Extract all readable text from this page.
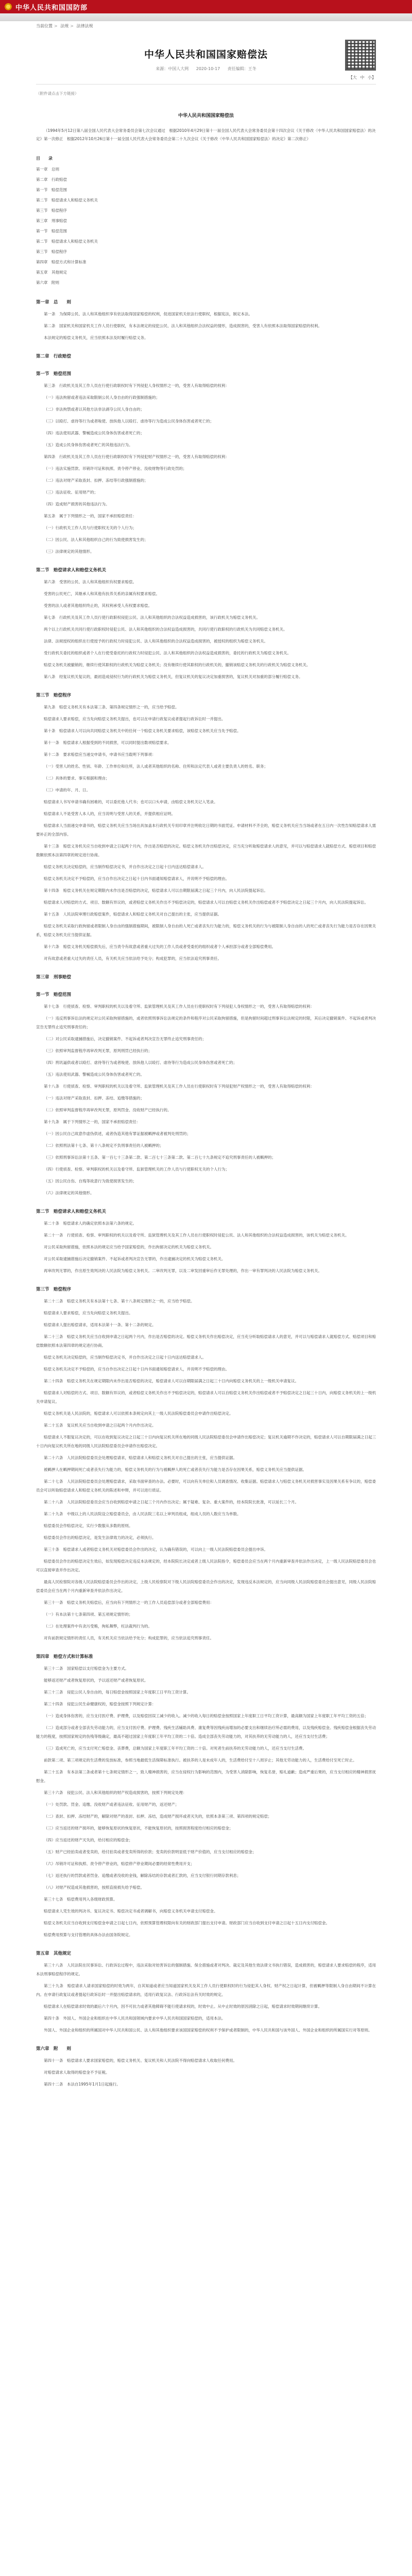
中华人民共和国国防部
当前位置 > 法规 > 法律法规
中华人民共和国国家赔偿法
来源：中国人大网 2020-10-17 责任编辑：王冬
【大 中 小】
（附件请点击下方链接）
中华人民共和国国家赔偿法

（1994年5月12日第八届全国人民代表大会常务委员会第七次会议通过　根据2010年4月29日第十一届全国人民代表大会常务委员会第十四次会议《关于修改〈中华人民共和国国家赔偿法〉的决定》第一次修正　根据2012年10月26日第十一届全国人民代表大会常务委员会第二十九次会议《关于修改〈中华人民共和国国家赔偿法〉的决定》第二次修正）

目　　录
第一章　总则
第二章　行政赔偿
第一节　赔偿范围
第二节　赔偿请求人和赔偿义务机关
第三节　赔偿程序
第三章　刑事赔偿
第一节　赔偿范围
第二节　赔偿请求人和赔偿义务机关
第三节　赔偿程序
第四章　赔偿方式和计算标准
第五章　其他规定
第六章　附则
第一章　总　　则

第一条　为保障公民、法人和其他组织享有依法取得国家赔偿的权利，促进国家机关依法行使职权，根据宪法，制定本法。

第二条　国家机关和国家机关工作人员行使职权，有本法规定的侵犯公民、法人和其他组织合法权益的情形，造成损害的，受害人有依照本法取得国家赔偿的权利。

本法规定的赔偿义务机关，应当依照本法及时履行赔偿义务。

第二章　行政赔偿
第一节　赔偿范围

第三条　行政机关及其工作人员在行使行政职权时有下列侵犯人身权情形之一的，受害人有取得赔偿的权利：

（一）违法拘留或者违法采取限制公民人身自由的行政强制措施的；

（二）非法拘禁或者以其他方法非法剥夺公民人身自由的；

（三）以殴打、虐待等行为或者唆使、放纵他人以殴打、虐待等行为造成公民身体伤害或者死亡的；

（四）违法使用武器、警械造成公民身体伤害或者死亡的；

（五）造成公民身体伤害或者死亡的其他违法行为。

第四条　行政机关及其工作人员在行使行政职权时有下列侵犯财产权情形之一的，受害人有取得赔偿的权利：

（一）违法实施罚款、吊销许可证和执照、责令停产停业、没收财物等行政处罚的；

（二）违法对财产采取查封、扣押、冻结等行政强制措施的；

（三）违法征收、征用财产的；

（四）造成财产损害的其他违法行为。

第五条　属于下列情形之一的，国家不承担赔偿责任：

（一）行政机关工作人员与行使职权无关的个人行为；

（二）因公民、法人和其他组织自己的行为致使损害发生的；

（三）法律规定的其他情形。

第二节　赔偿请求人和赔偿义务机关

第六条　受害的公民、法人和其他组织有权要求赔偿。

受害的公民死亡，其继承人和其他有扶养关系的亲属有权要求赔偿。

受害的法人或者其他组织终止的，其权利承受人有权要求赔偿。

第七条　行政机关及其工作人员行使行政职权侵犯公民、法人和其他组织的合法权益造成损害的，该行政机关为赔偿义务机关。

两个以上行政机关共同行使行政职权时侵犯公民、法人和其他组织的合法权益造成损害的，共同行使行政职权的行政机关为共同赔偿义务机关。

法律、法规授权的组织在行使授予的行政权力时侵犯公民、法人和其他组织的合法权益造成损害的，被授权的组织为赔偿义务机关。

受行政机关委托的组织或者个人在行使受委托的行政权力时侵犯公民、法人和其他组织的合法权益造成损害的，委托的行政机关为赔偿义务机关。

赔偿义务机关被撤销的，继续行使其职权的行政机关为赔偿义务机关；没有继续行使其职权的行政机关的，撤销该赔偿义务机关的行政机关为赔偿义务机关。

第八条　经复议机关复议的，最初造成侵权行为的行政机关为赔偿义务机关，但复议机关的复议决定加重损害的，复议机关对加重的部分履行赔偿义务。

第三节　赔偿程序

第九条　赔偿义务机关有本法第三条、第四条规定情形之一的，应当给予赔偿。

赔偿请求人要求赔偿，应当先向赔偿义务机关提出，也可以在申请行政复议或者提起行政诉讼时一并提出。

第十条　赔偿请求人可以向共同赔偿义务机关中的任何一个赔偿义务机关要求赔偿，该赔偿义务机关应当先予赔偿。

第十一条　赔偿请求人根据受到的不同损害，可以同时提出数项赔偿要求。

第十二条　要求赔偿应当递交申请书，申请书应当载明下列事项：

（一）受害人的姓名、性别、年龄、工作单位和住所，法人或者其他组织的名称、住所和法定代表人或者主要负责人的姓名、职务；

（二）具体的要求、事实根据和理由；

（三）申请的年、月、日。

赔偿请求人书写申请书确有困难的，可以委托他人代书；也可以口头申请，由赔偿义务机关记入笔录。

赔偿请求人不是受害人本人的，应当说明与受害人的关系，并提供相应证明。

赔偿请求人当面递交申请书的，赔偿义务机关应当当场出具加盖本行政机关专用印章并注明收讫日期的书面凭证。申请材料不齐全的，赔偿义务机关应当当场或者在五日内一次性告知赔偿请求人需要补正的全部内容。

第十三条　赔偿义务机关应当自收到申请之日起两个月内，作出是否赔偿的决定。赔偿义务机关作出赔偿决定，应当充分听取赔偿请求人的意见，并可以与赔偿请求人就赔偿方式、赔偿项目和赔偿数额依照本法第四章的规定进行协商。

赔偿义务机关决定赔偿的，应当制作赔偿决定书，并自作出决定之日起十日内送达赔偿请求人。

赔偿义务机关决定不予赔偿的，应当自作出决定之日起十日内书面通知赔偿请求人，并说明不予赔偿的理由。

第十四条　赔偿义务机关在规定期限内未作出是否赔偿的决定，赔偿请求人可以自期限届满之日起三个月内，向人民法院提起诉讼。

赔偿请求人对赔偿的方式、项目、数额有异议的，或者赔偿义务机关作出不予赔偿决定的，赔偿请求人可以自赔偿义务机关作出赔偿或者不予赔偿决定之日起三个月内，向人民法院提起诉讼。

第十五条　人民法院审理行政赔偿案件，赔偿请求人和赔偿义务机关对自己提出的主张，应当提供证据。

赔偿义务机关采取行政拘留或者限制人身自由的强制措施期间，被限制人身自由的人死亡或者丧失行为能力的，赔偿义务机关的行为与被限制人身自由的人的死亡或者丧失行为能力是否存在因果关系，赔偿义务机关应当提供证据。

第十六条　赔偿义务机关赔偿损失后，应当责令有故意或者重大过失的工作人员或者受委托的组织或者个人承担部分或者全部赔偿费用。

对有故意或者重大过失的责任人员，有关机关应当依法给予处分；构成犯罪的，应当依法追究刑事责任。

第三章　刑事赔偿
第一节　赔偿范围

第十七条　行使侦查、检察、审判职权的机关以及看守所、监狱管理机关及其工作人员在行使职权时有下列侵犯人身权情形之一的，受害人有取得赔偿的权利：

（一）违反刑事诉讼法的规定对公民采取拘留措施的，或者依照刑事诉讼法规定的条件和程序对公民采取拘留措施，但是拘留时间超过刑事诉讼法规定的时限，其后决定撤销案件、不起诉或者判决宣告无罪终止追究刑事责任的；

（二）对公民采取逮捕措施后，决定撤销案件、不起诉或者判决宣告无罪终止追究刑事责任的；

（三）依照审判监督程序再审改判无罪，原判刑罚已经执行的；

（四）刑讯逼供或者以殴打、虐待等行为或者唆使、放纵他人以殴打、虐待等行为造成公民身体伤害或者死亡的；

（五）违法使用武器、警械造成公民身体伤害或者死亡的。

第十八条　行使侦查、检察、审判职权的机关以及看守所、监狱管理机关及其工作人员在行使职权时有下列侵犯财产权情形之一的，受害人有取得赔偿的权利：

（一）违法对财产采取查封、扣押、冻结、追缴等措施的；

（二）依照审判监督程序再审改判无罪，原判罚金、没收财产已经执行的。

第十九条　属于下列情形之一的，国家不承担赔偿责任：

（一）因公民自己故意作虚伪供述，或者伪造其他有罪证据被羁押或者被判处刑罚的；

（二）依照刑法第十七条、第十八条规定不负刑事责任的人被羁押的；

（三）依照刑事诉讼法第十五条、第一百七十三条第二款、第二百七十三条第二款、第二百七十九条规定不追究刑事责任的人被羁押的；

（四）行使侦查、检察、审判职权的机关以及看守所、监狱管理机关的工作人员与行使职权无关的个人行为；

（五）因公民自伤、自残等故意行为致使损害发生的；

（六）法律规定的其他情形。

第二节　赔偿请求人和赔偿义务机关

第二十条　赔偿请求人的确定依照本法第六条的规定。

第二十一条　行使侦查、检察、审判职权的机关以及看守所、监狱管理机关及其工作人员在行使职权时侵犯公民、法人和其他组织的合法权益造成损害的，该机关为赔偿义务机关。

对公民采取拘留措施，依照本法的规定应当给予国家赔偿的，作出拘留决定的机关为赔偿义务机关。

对公民采取逮捕措施后决定撤销案件、不起诉或者判决宣告无罪的，作出逮捕决定的机关为赔偿义务机关。

再审改判无罪的，作出原生效判决的人民法院为赔偿义务机关。二审改判无罪，以及二审发回重审后作无罪处理的，作出一审有罪判决的人民法院为赔偿义务机关。

第三节　赔偿程序

第二十二条　赔偿义务机关有本法第十七条、第十八条规定情形之一的，应当给予赔偿。

赔偿请求人要求赔偿，应当先向赔偿义务机关提出。

赔偿请求人提出赔偿请求，适用本法第十一条、第十二条的规定。

第二十三条　赔偿义务机关应当自收到申请之日起两个月内，作出是否赔偿的决定。赔偿义务机关作出赔偿决定，应当充分听取赔偿请求人的意见，并可以与赔偿请求人就赔偿方式、赔偿项目和赔偿数额依照本法第四章的规定进行协商。

赔偿义务机关决定赔偿的，应当制作赔偿决定书，并自作出决定之日起十日内送达赔偿请求人。

赔偿义务机关决定不予赔偿的，应当自作出决定之日起十日内书面通知赔偿请求人，并说明不予赔偿的理由。

第二十四条　赔偿义务机关在规定期限内未作出是否赔偿的决定，赔偿请求人可以自期限届满之日起三十日内向赔偿义务机关的上一级机关申请复议。

赔偿请求人对赔偿的方式、项目、数额有异议的，或者赔偿义务机关作出不予赔偿决定的，赔偿请求人可以自赔偿义务机关作出赔偿或者不予赔偿决定之日起三十日内，向赔偿义务机关的上一级机关申请复议。

赔偿义务机关是人民法院的，赔偿请求人可以依照本条规定向其上一级人民法院赔偿委员会申请作出赔偿决定。

第二十五条　复议机关应当自收到申请之日起两个月内作出决定。

赔偿请求人不服复议决定的，可以在收到复议决定之日起三十日内向复议机关所在地的同级人民法院赔偿委员会申请作出赔偿决定；复议机关逾期不作决定的，赔偿请求人可以自期限届满之日起三十日内向复议机关所在地的同级人民法院赔偿委员会申请作出赔偿决定。

第二十六条　人民法院赔偿委员会处理赔偿请求，赔偿请求人和赔偿义务机关对自己提出的主张，应当提供证据。

被羁押人在羁押期间死亡或者丧失行为能力的，赔偿义务机关的行为与被羁押人的死亡或者丧失行为能力是否存在因果关系，赔偿义务机关应当提供证据。

第二十七条　人民法院赔偿委员会处理赔偿请求，采取书面审查的办法。必要时，可以向有关单位和人员调查情况、收集证据。赔偿请求人与赔偿义务机关对损害事实及因果关系有争议的，赔偿委员会可以听取赔偿请求人和赔偿义务机关的陈述和申辩，并可以进行质证。

第二十八条　人民法院赔偿委员会应当自收到赔偿申请之日起三个月内作出决定；属于疑难、复杂、重大案件的，经本院院长批准，可以延长三个月。

第二十九条　中级以上的人民法院设立赔偿委员会，由人民法院三名以上审判员组成，组成人员的人数应当为单数。

赔偿委员会作赔偿决定，实行少数服从多数的原则。

赔偿委员会作出的赔偿决定，是发生法律效力的决定，必须执行。

第三十条　赔偿请求人或者赔偿义务机关对赔偿委员会作出的决定，认为确有错误的，可以向上一级人民法院赔偿委员会提出申诉。

赔偿委员会作出的赔偿决定生效后，如发现赔偿决定违反本法规定的，经本院院长决定或者上级人民法院指令，赔偿委员会应当在两个月内重新审查并依法作出决定，上一级人民法院赔偿委员会也可以直接审查并作出决定。

最高人民检察院对各级人民法院赔偿委员会作出的决定，上级人民检察院对下级人民法院赔偿委员会作出的决定，发现违反本法规定的，应当向同级人民法院赔偿委员会提出意见，同级人民法院赔偿委员会应当在两个月内重新审查并依法作出决定。

第三十一条　赔偿义务机关赔偿后，应当向有下列情形之一的工作人员追偿部分或者全部赔偿费用：

（一）有本法第十七条第四项、第五项规定情形的；

（二）在处理案件中有贪污受贿，徇私舞弊，枉法裁判行为的。

对有前款规定情形的责任人员，有关机关应当依法给予处分；构成犯罪的，应当依法追究刑事责任。

第四章　赔偿方式和计算标准

第三十二条　国家赔偿以支付赔偿金为主要方式。

能够返还财产或者恢复原状的，予以返还财产或者恢复原状。

第三十三条　侵犯公民人身自由的，每日赔偿金按照国家上年度职工日平均工资计算。

第三十四条　侵犯公民生命健康权的，赔偿金按照下列规定计算：

（一）造成身体伤害的，应当支付医疗费、护理费，以及赔偿因误工减少的收入。减少的收入每日的赔偿金按照国家上年度职工日平均工资计算，最高额为国家上年度职工年平均工资的五倍；

（二）造成部分或者全部丧失劳动能力的，应当支付医疗费、护理费、残疾生活辅助具费、康复费等因残疾而增加的必要支出和继续治疗所必需的费用，以及残疾赔偿金。残疾赔偿金根据丧失劳动能力的程度，按照国家规定的伤残等级确定，最高不超过国家上年度职工年平均工资的二十倍。造成全部丧失劳动能力的，对其扶养的无劳动能力的人，还应当支付生活费；

（三）造成死亡的，应当支付死亡赔偿金、丧葬费，总额为国家上年度职工年平均工资的二十倍。对死者生前扶养的无劳动能力的人，还应当支付生活费。

前款第二项、第三项规定的生活费的发放标准，参照当地最低生活保障标准执行。被扶养的人是未成年人的，生活费给付至十八周岁止；其他无劳动能力的人，生活费给付至死亡时止。

第三十五条　有本法第三条或者第十七条规定情形之一，致人精神损害的，应当在侵权行为影响的范围内，为受害人消除影响，恢复名誉，赔礼道歉；造成严重后果的，应当支付相应的精神损害抚慰金。

第三十六条　侵犯公民、法人和其他组织的财产权造成损害的，按照下列规定处理：

（一）处罚款、罚金、追缴、没收财产或者违法征收、征用财产的，返还财产；

（二）查封、扣押、冻结财产的，解除对财产的查封、扣押、冻结，造成财产损坏或者灭失的，依照本条第三项、第四项的规定赔偿；

（三）应当返还的财产损坏的，能够恢复原状的恢复原状，不能恢复原状的，按照损害程度给付相应的赔偿金；

（四）应当返还的财产灭失的，给付相应的赔偿金；

（五）财产已经拍卖或者变卖的，给付拍卖或者变卖所得的价款；变卖的价款明显低于财产价值的，应当支付相应的赔偿金；

（六）吊销许可证和执照、责令停产停业的，赔偿停产停业期间必要的经常性费用开支；

（七）返还执行的罚款或者罚金、追缴或者没收的金钱，解除冻结的存款或者汇款的，应当支付银行同期存款利息；

（八）对财产权造成其他损害的，按照直接损失给予赔偿。

第三十七条　赔偿费用列入各级财政预算。

赔偿请求人凭生效的判决书、复议决定书、赔偿决定书或者调解书，向赔偿义务机关申请支付赔偿金。

赔偿义务机关应当自收到支付赔偿金申请之日起七日内，依照预算管理权限向有关的财政部门提出支付申请。财政部门应当自收到支付申请之日起十五日内支付赔偿金。

赔偿费用预算与支付管理的具体办法由国务院规定。

第五章　其他规定

第三十八条　人民法院在民事诉讼、行政诉讼过程中，违法采取对妨害诉讼的强制措施、保全措施或者对判决、裁定及其他生效法律文书执行错误，造成损害的，赔偿请求人要求赔偿的程序，适用本法刑事赔偿程序的规定。

第三十九条　赔偿请求人请求国家赔偿的时效为两年，自其知道或者应当知道国家机关及其工作人员行使职权时的行为侵犯其人身权、财产权之日起计算，但被羁押等限制人身自由期间不计算在内。在申请行政复议或者提起行政诉讼时一并提出赔偿请求的，适用行政复议法、行政诉讼法有关时效的规定。

赔偿请求人在赔偿请求时效的最后六个月内，因不可抗力或者其他障碍不能行使请求权的，时效中止。从中止时效的原因消除之日起，赔偿请求时效期间继续计算。

第四十条　外国人、外国企业和组织在中华人民共和国领域内要求中华人民共和国国家赔偿的，适用本法。

外国人、外国企业和组织的所属国对中华人民共和国公民、法人和其他组织要求该国国家赔偿的权利不予保护或者限制的，中华人民共和国与该外国人、外国企业和组织的所属国实行对等原则。

第六章　附　　则

第四十一条　赔偿请求人要求国家赔偿的，赔偿义务机关、复议机关和人民法院不得向赔偿请求人收取任何费用。

对赔偿请求人取得的赔偿金不予征税。

第四十二条　本法自1995年1月1日起施行。
